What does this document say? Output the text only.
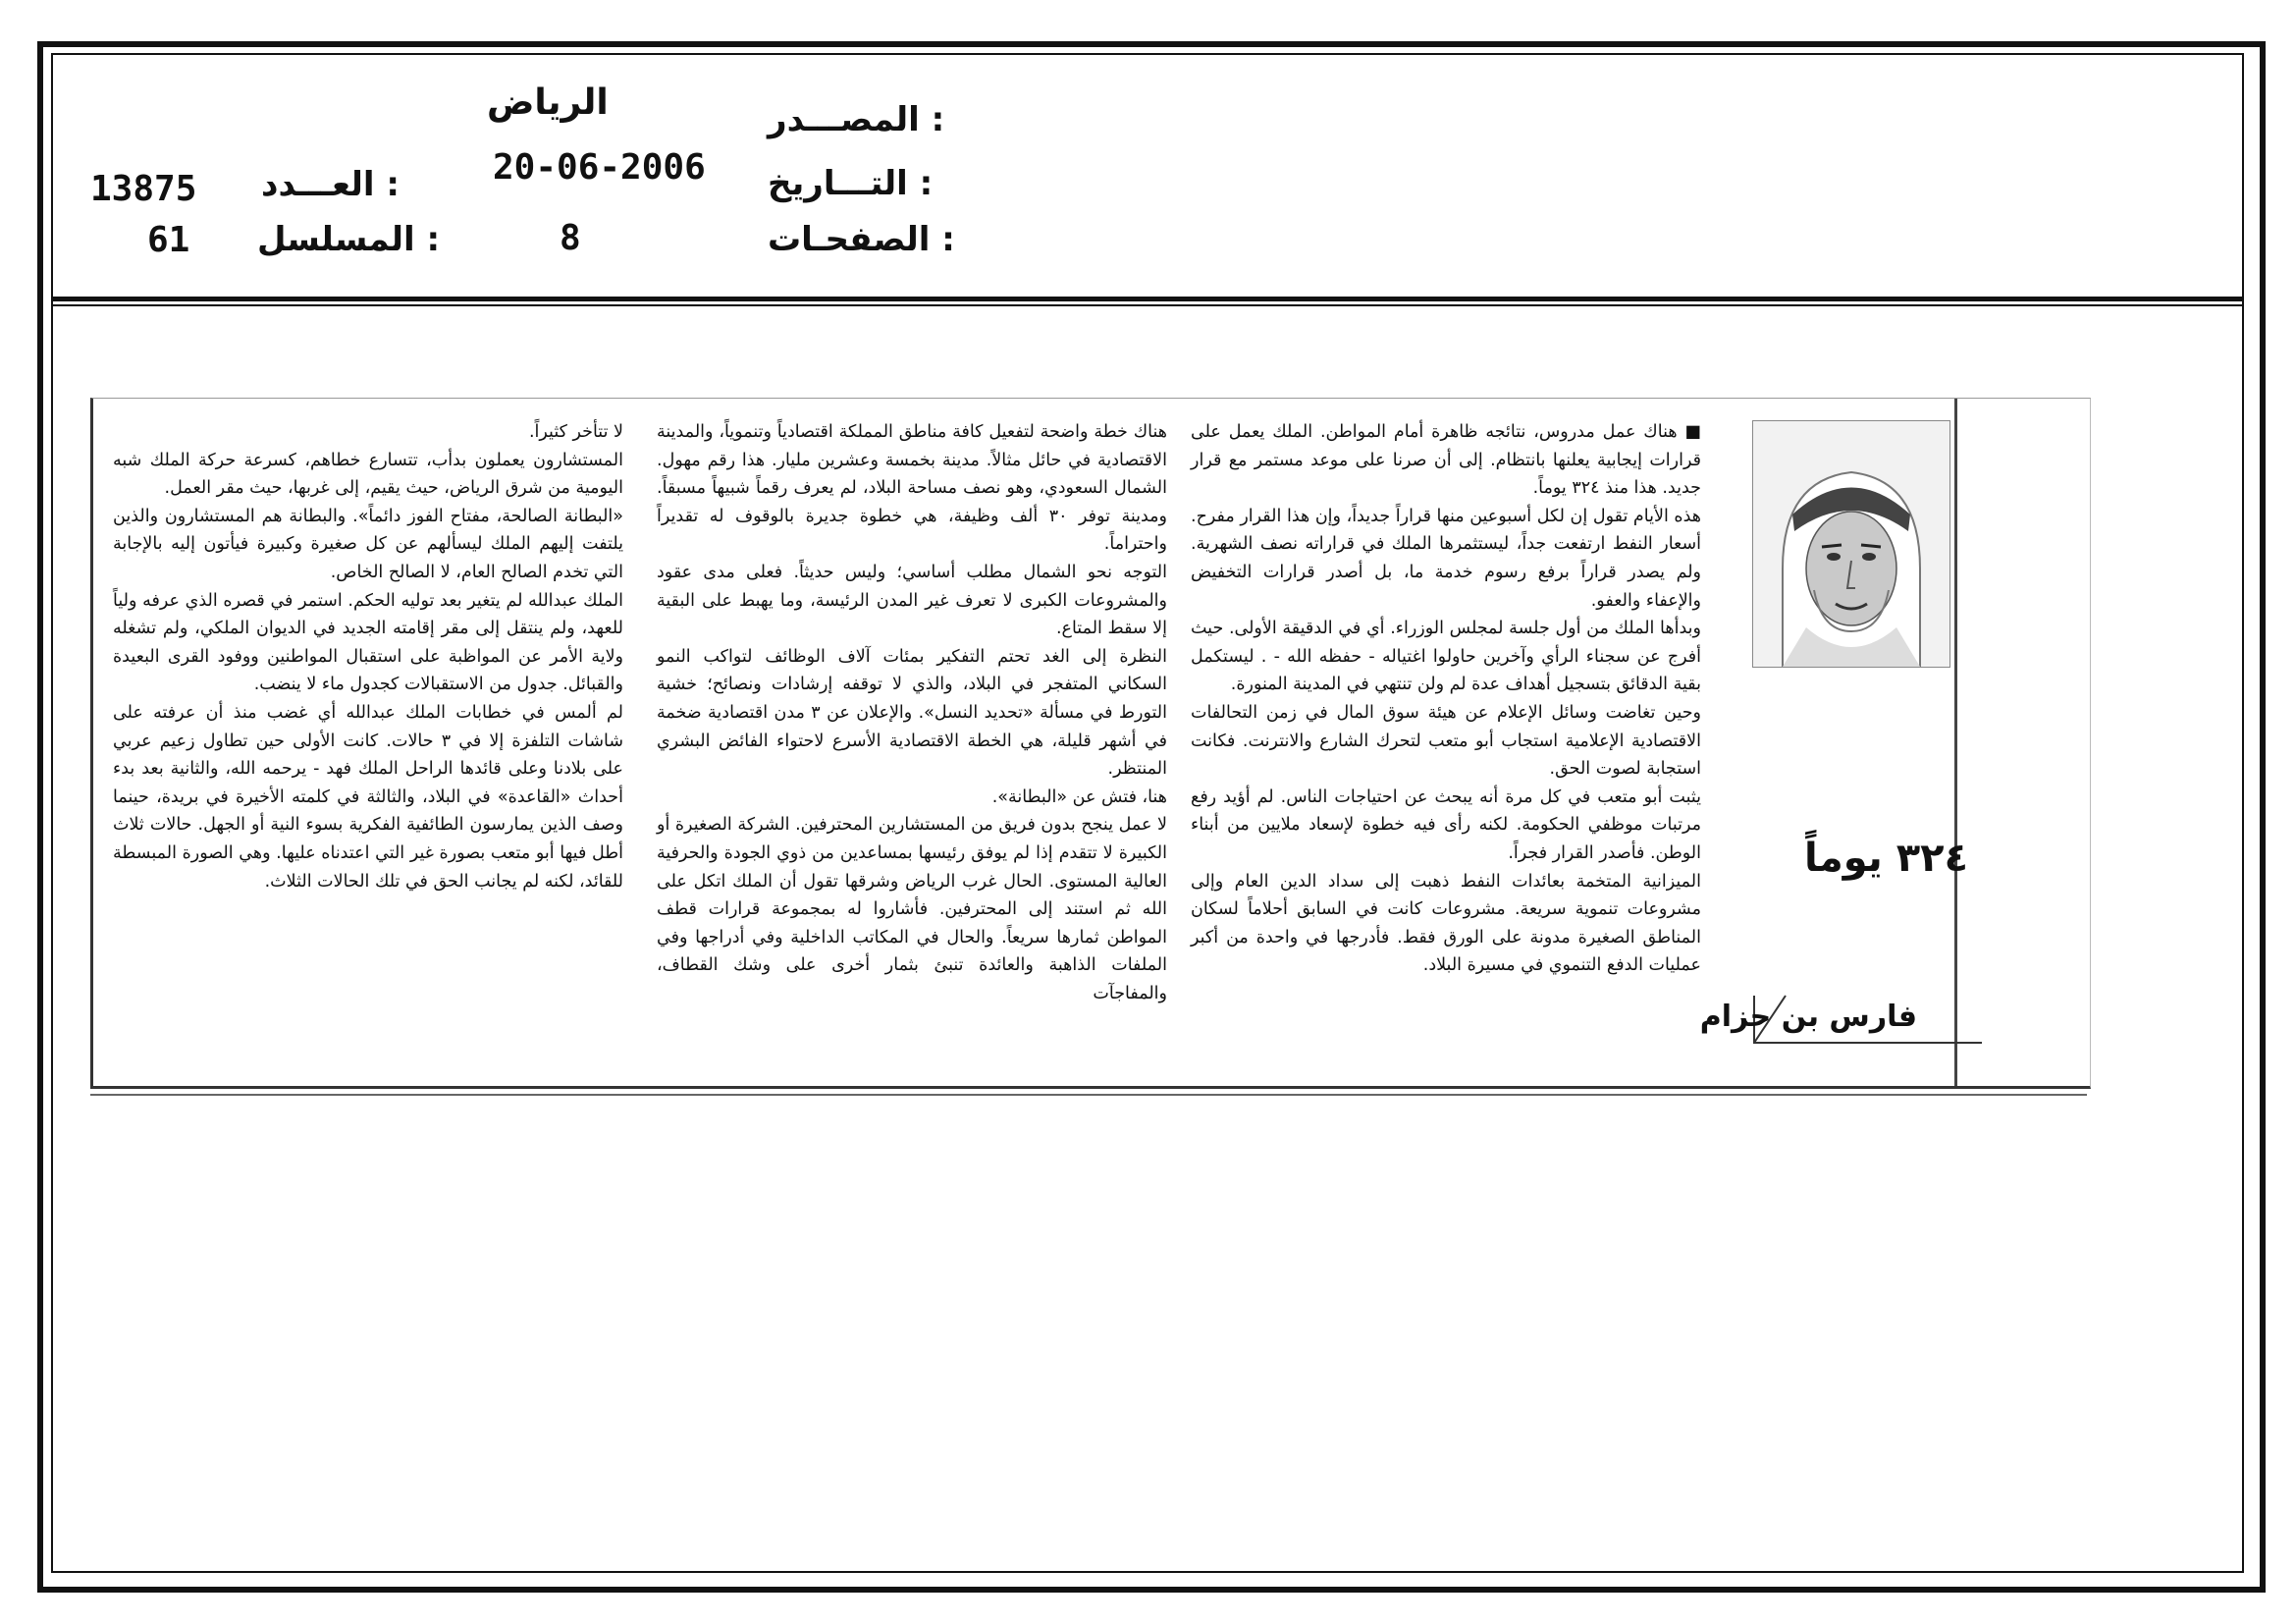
الرياض	المصـــدر :
20-06-2006 التـــاريخ :
8	الصفحـات :
13875 العـــدد :
61 المسلسل :

■ هناك عمل مدروس، نتائجه ظاهرة أمام المواطن. الملك يعمل على قرارات إيجابية يعلنها بانتظام. إلى أن صرنا على موعد مستمر مع قرار جديد. هذا منذ ٣٢٤ يوماً.

هذه الأيام تقول إن لكل أسبوعين منها قراراً جديداً، وإن هذا القرار مفرح. أسعار النفط ارتفعت جداً، ليستثمرها الملك في قراراته نصف الشهرية. ولم يصدر قراراً برفع رسوم خدمة ما، بل أصدر قرارات التخفيض والإعفاء والعفو.

وبدأها الملك من أول جلسة لمجلس الوزراء. أي في الدقيقة الأولى. حيث أفرج عن سجناء الرأي وآخرين حاولوا اغتياله - حفظه الله - . ليستكمل بقية الدقائق بتسجيل أهداف عدة لم ولن تنتهي في المدينة المنورة.

وحين تغاضت وسائل الإعلام عن هيئة سوق المال في زمن التحالفات الاقتصادية الإعلامية استجاب أبو متعب لتحرك الشارع والانترنت. فكانت استجابة لصوت الحق.

يثبت أبو متعب في كل مرة أنه يبحث عن احتياجات الناس. لم أؤيد رفع مرتبات موظفي الحكومة. لكنه رأى فيه خطوة لإسعاد ملايين من أبناء الوطن. فأصدر القرار فجراً.

الميزانية المتخمة بعائدات النفط ذهبت إلى سداد الدين العام وإلى مشروعات تنموية سريعة. مشروعات كانت في السابق أحلاماً لسكان المناطق الصغيرة مدونة على الورق فقط. فأدرجها في واحدة من أكبر عمليات الدفع التنموي في مسيرة البلاد.

هناك خطة واضحة لتفعيل كافة مناطق المملكة اقتصادياً وتنموياً، والمدينة الاقتصادية في حائل مثالاً. مدينة بخمسة وعشرين مليار. هذا رقم مهول. الشمال السعودي، وهو نصف مساحة البلاد، لم يعرف رقماً شبيهاً مسبقاً. ومدينة توفر ٣٠ ألف وظيفة، هي خطوة جديرة بالوقوف له تقديراً واحتراماً.

التوجه نحو الشمال مطلب أساسي؛ وليس حديثاً. فعلى مدى عقود والمشروعات الكبرى لا تعرف غير المدن الرئيسة، وما يهبط على البقية إلا سقط المتاع.

النظرة إلى الغد تحتم التفكير بمئات آلاف الوظائف لتواكب النمو السكاني المتفجر في البلاد، والذي لا توقفه إرشادات ونصائح؛ خشية التورط في مسألة «تحديد النسل». والإعلان عن ٣ مدن اقتصادية ضخمة في أشهر قليلة، هي الخطة الاقتصادية الأسرع لاحتواء الفائض البشري المنتظر.

هنا، فتش عن «البطانة».

لا عمل ينجح بدون فريق من المستشارين المحترفين. الشركة الصغيرة أو الكبيرة لا تتقدم إذا لم يوفق رئيسها بمساعدين من ذوي الجودة والحرفية العالية المستوى. الحال غرب الرياض وشرقها تقول أن الملك اتكل على الله ثم استند إلى المحترفين. فأشاروا له بمجموعة قرارات قطف المواطن ثمارها سريعاً. والحال في المكاتب الداخلية وفي أدراجها وفي الملفات الذاهبة والعائدة تنبئ بثمار أخرى على وشك القطاف، والمفاجآت

لا تتأخر كثيراً.

المستشارون يعملون بدأب، تتسارع خطاهم، كسرعة حركة الملك شبه اليومية من شرق الرياض، حيث يقيم، إلى غربها، حيث مقر العمل.

«البطانة الصالحة، مفتاح الفوز دائماً». والبطانة هم المستشارون والذين يلتفت إليهم الملك ليسألهم عن كل صغيرة وكبيرة فيأتون إليه بالإجابة التي تخدم الصالح العام، لا الصالح الخاص.

الملك عبدالله لم يتغير بعد توليه الحكم. استمر في قصره الذي عرفه ولياً للعهد، ولم ينتقل إلى مقر إقامته الجديد في الديوان الملكي، ولم تشغله ولاية الأمر عن المواظبة على استقبال المواطنين ووفود القرى البعيدة والقبائل. جدول من الاستقبالات كجدول ماء لا ينضب.

لم ألمس في خطابات الملك عبدالله أي غضب منذ أن عرفته على شاشات التلفزة إلا في ٣ حالات. كانت الأولى حين تطاول زعيم عربي على بلادنا وعلى قائدها الراحل الملك فهد - يرحمه الله، والثانية بعد بدء أحداث «القاعدة» في البلاد، والثالثة في كلمته الأخيرة في بريدة، حينما وصف الذين يمارسون الطائفية الفكرية بسوء النية أو الجهل. حالات ثلاث أطل فيها أبو متعب بصورة غير التي اعتدناه عليها. وهي الصورة المبسطة للقائد، لكنه لم يجانب الحق في تلك الحالات الثلاث.

٣٢٤ يوماً
فارس بن حزام
